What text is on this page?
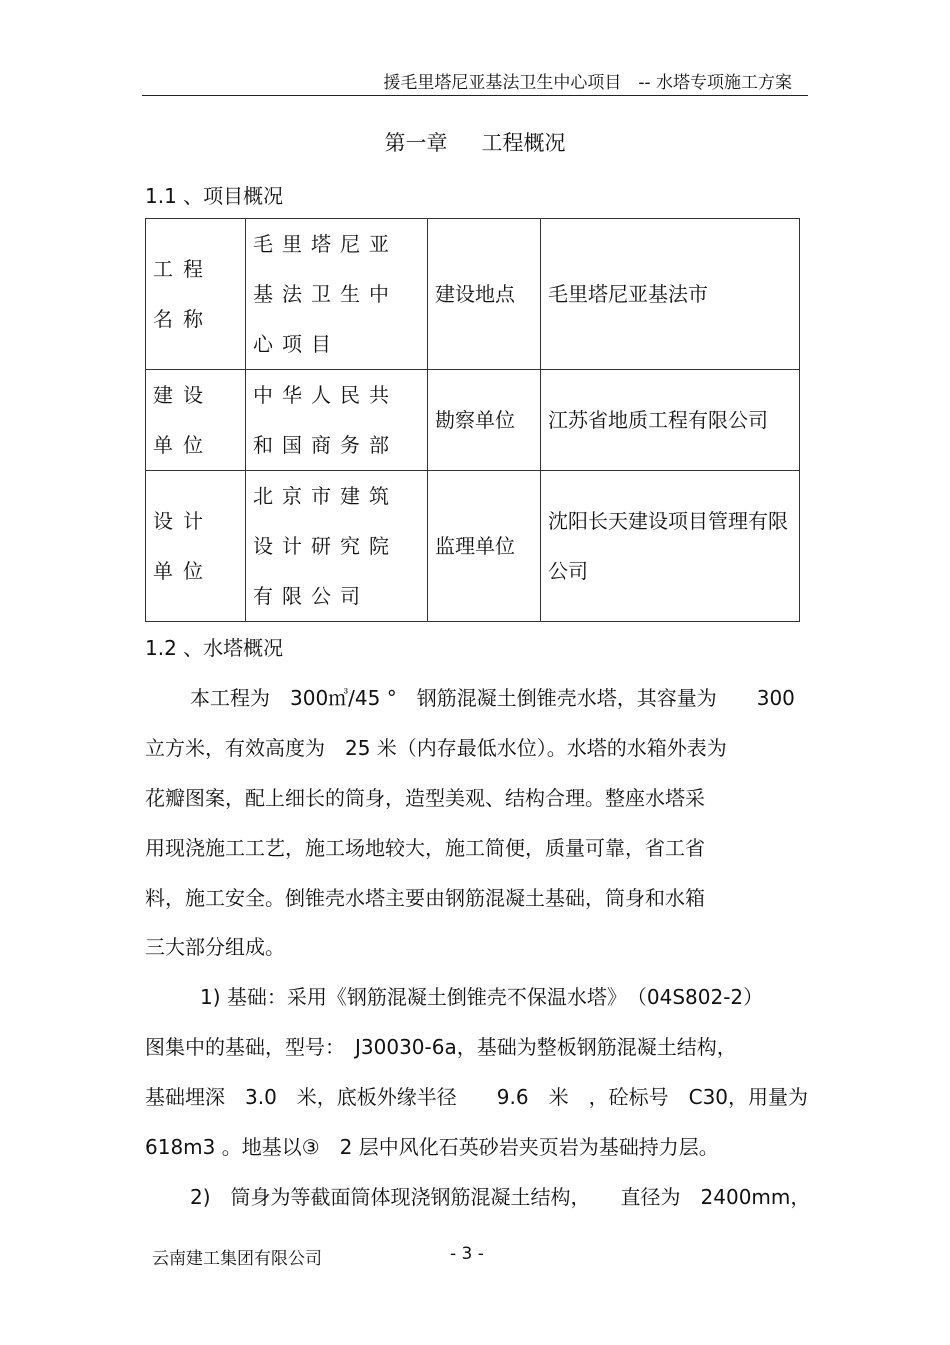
援毛里塔尼亚基法卫生中心项目　-- 水塔专项施工方案
第一章 工程概况
1.1 、项目概况
工程名称	毛里塔尼亚基法卫生中心项目	建设地点	毛里塔尼亚基法市
建设单位	中华人民共和国商务部	勘察单位	江苏省地质工程有限公司
设计单位	北京市建筑设计研究院有限公司	监理单位	沈阳长天建设项目管理有限公司
1.2 、水塔概况
本工程为　300㎥/45 °　钢筋混凝土倒锥壳水塔，其容量为　　300
立方米，有效高度为　25 米（内存最低水位）。水塔的水箱外表为
花瓣图案，配上细长的筒身，造型美观、结构合理。整座水塔采
用现浇施工工艺，施工场地较大，施工简便，质量可靠，省工省
料，施工安全。倒锥壳水塔主要由钢筋混凝土基础，筒身和水箱
三大部分组成。
1) 基础：采用《钢筋混凝土倒锥壳不保温水塔》　（04S802-2）
图集中的基础，型号：　J30030-6a，基础为整板钢筋混凝土结构，
基础埋深　3.0　米，底板外缘半径　　9.6　米　，砼标号　C30，用量为
618m3 。地基以③　2 层中风化石英砂岩夹页岩为基础持力层。
2)　筒身为等截面筒体现浇钢筋混凝土结构，　　直径为　2400mm，
云南建工集团有限公司	- 3 -
